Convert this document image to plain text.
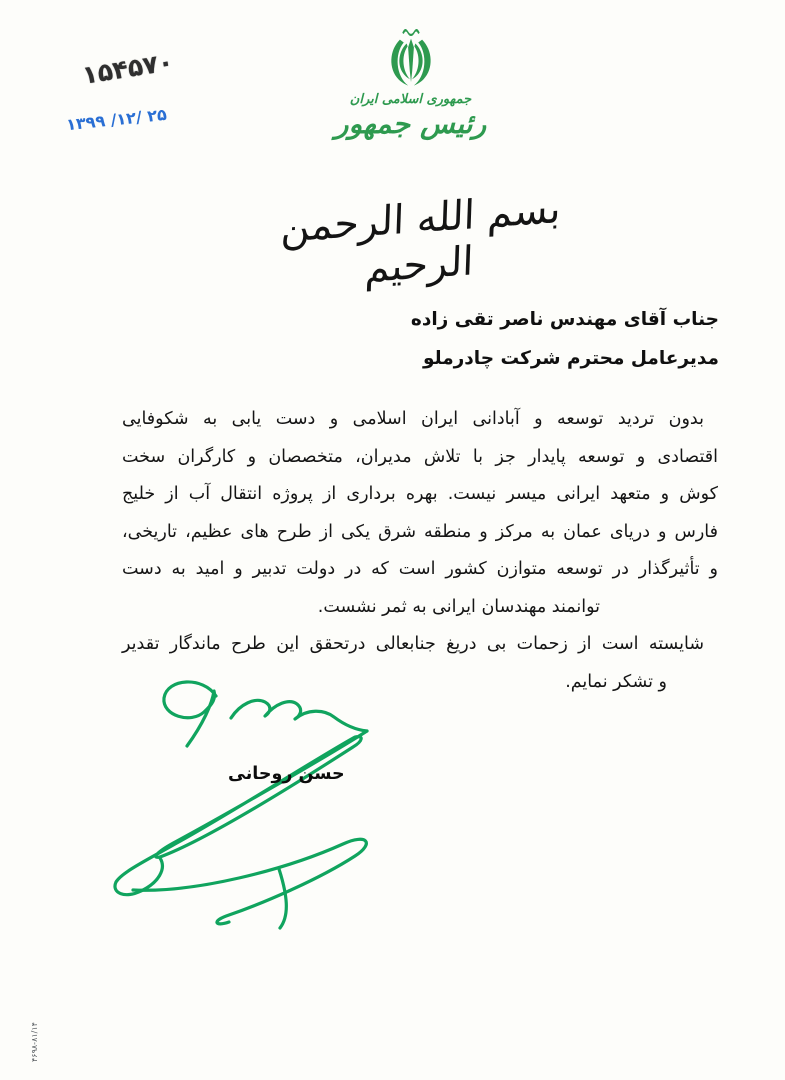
جمهوری اسلامی ایران
رئیس جمهور
۱۵۴۵۷۰
۱۳۹۹ /۱۲/ ۲۵
بسم الله الرحمن الرحیم
جناب آقای مهندس ناصر تقی زاده
مدیرعامل محترم شرکت چادرملو
بدون تردید توسعه و آبادانی ایران اسلامی و دست یابی به شکوفایی
اقتصادی و توسعه پایدار جز با تلاش مدیران، متخصصان و کارگران سخت
کوش و متعهد ایرانی میسر نیست. بهره برداری از پروژه انتقال آب از خلیج
فارس و دریای عمان به مرکز و منطقه شرق یکی از طرح های عظیم، تاریخی،
و تأثیرگذار در توسعه متوازن کشور است که در دولت تدبیر و امید به دست
توانمند مهندسان ایرانی به ثمر نشست.
شایسته است از زحمات بی دریغ جنابعالی درتحقق این طرح ماندگار تقدیر
و تشکر نمایم.
حسن روحانی
۴۶۹۸-۸۱/۱۴
